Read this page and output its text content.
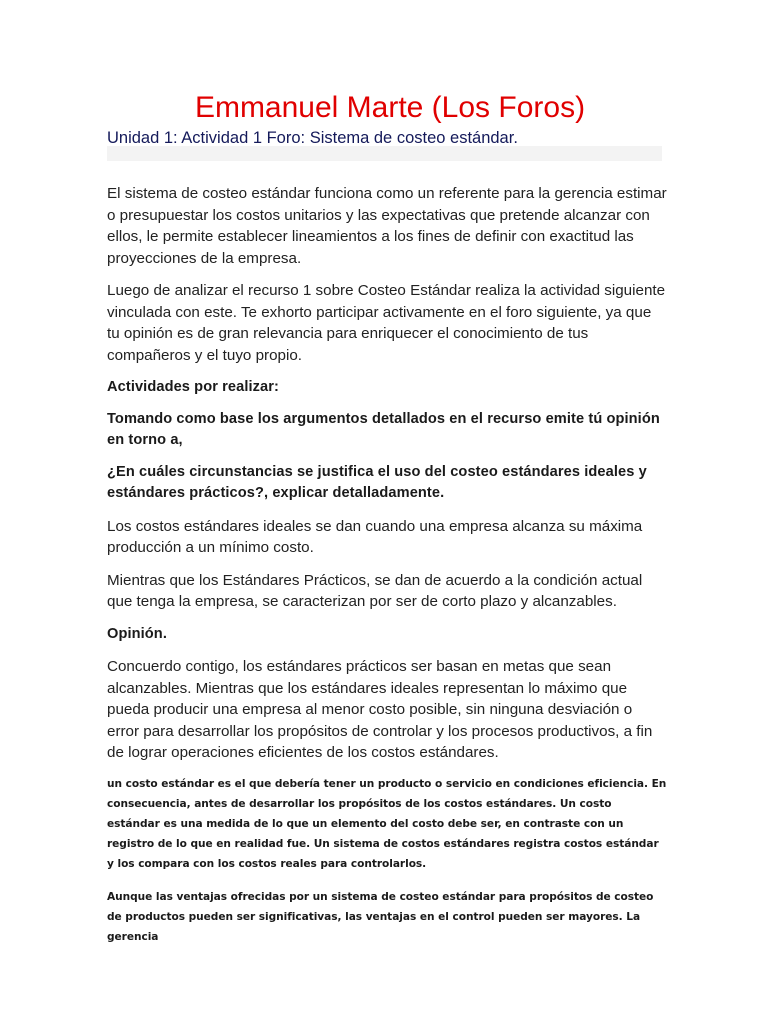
Emmanuel Marte (Los Foros)
Unidad 1: Actividad 1 Foro: Sistema de costeo estándar.

El sistema de costeo estándar funciona como un referente para la gerencia estimar o presupuestar los costos unitarios y las expectativas que pretende alcanzar con ellos, le permite establecer lineamientos a los fines de definir con exactitud las proyecciones de la empresa.

Luego de analizar el recurso 1 sobre Costeo Estándar realiza la actividad siguiente vinculada con este. Te exhorto participar activamente en el foro siguiente, ya que tu opinión es de gran relevancia para enriquecer el conocimiento de tus compañeros y el tuyo propio.

Actividades por realizar:

Tomando como base los argumentos detallados en el recurso emite tú opinión en torno a,

¿En cuáles circunstancias se justifica el uso del costeo estándares ideales y estándares prácticos?, explicar detalladamente.

Los costos estándares ideales se dan cuando una empresa alcanza su máxima producción a un mínimo costo.

Mientras que los Estándares Prácticos, se dan de acuerdo a la condición actual que tenga la empresa, se caracterizan por ser de corto plazo y alcanzables.

Opinión.

Concuerdo contigo, los estándares prácticos ser basan en metas que sean alcanzables. Mientras que los estándares ideales representan lo máximo que pueda producir una empresa al menor costo posible, sin ninguna desviación o error para desarrollar los propósitos de controlar y los procesos productivos, a fin de lograr operaciones eficientes de los costos estándares.

un costo estándar es el que debería tener un producto o servicio en condiciones eficiencia. En consecuencia, antes de desarrollar los propósitos de los costos estándares. Un costo estándar es una medida de lo que un elemento del costo debe ser, en contraste con un registro de lo que en realidad fue. Un sistema de costos estándares registra costos estándar y los compara con los costos reales para controlarlos.

Aunque las ventajas ofrecidas por un sistema de costeo estándar para propósitos de costeo de productos pueden ser significativas, las ventajas en el control pueden ser mayores. La gerencia
